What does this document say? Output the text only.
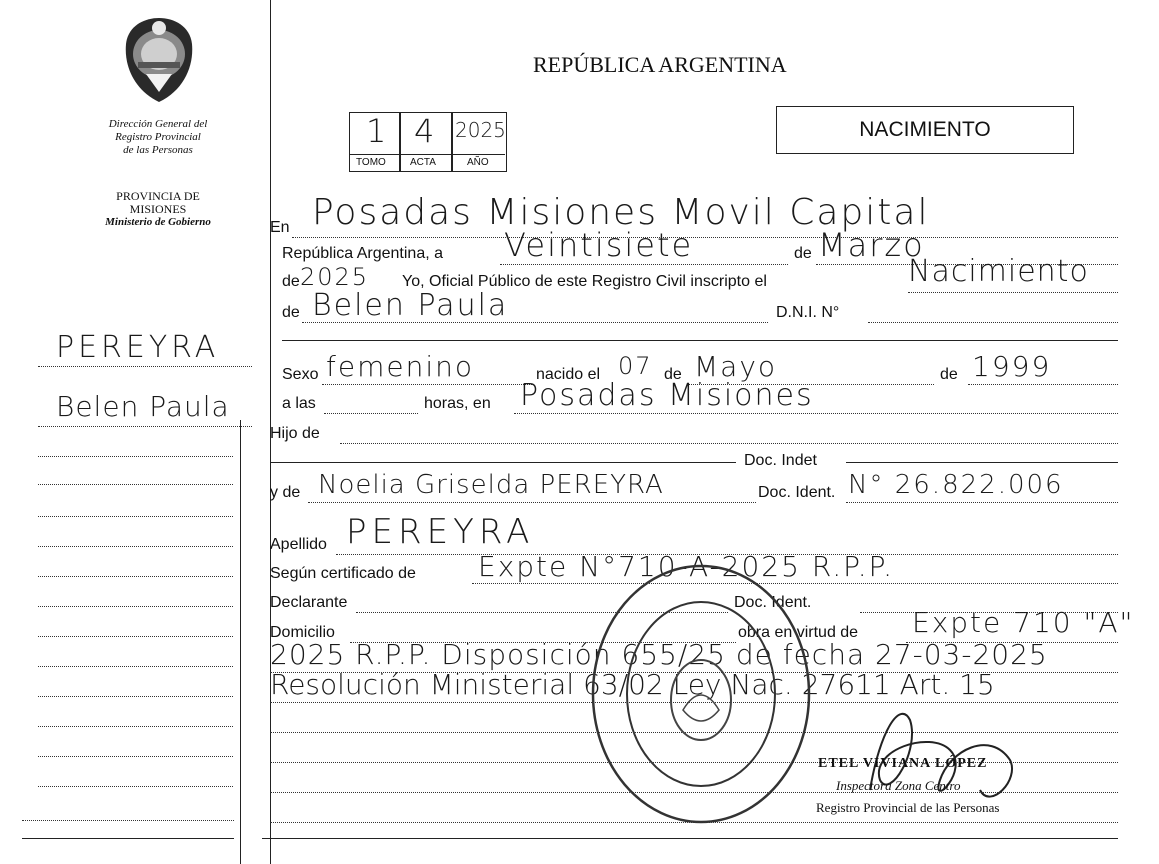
Dirección General del
Registro Provincial
de las Personas
PROVINCIA DE
MISIONES
Ministerio de Gobierno
PEREYRA
Belen Paula
REPÚBLICA ARGENTINA
NACIMIENTO
1 4 2025
TOMO ACTA	AÑO
En Posadas Misiones Movil Capital
República Argentina, a Veintisiete	de Marzo
de 2025 Yo, Oficial Público de este Registro Civil inscripto el	Nacimiento
de Belen Paula	D.N.I. N°
Sexo femenino	nacido el 07 de Mayo	de 1999
a las	horas, en Posadas Misiones
Hijo de
Doc. Indet
y de Noelia Griselda PEREYRA	Doc. Ident. N° 26.822.006
Apellido PEREYRA
Según certificado de Expte N°710-A-2025 R.P.P.
Declarante	Doc. Ident.
Domicilio	obra en virtud de Expte 710 "A"
2025 R.P.P. Disposición 655/25 de fecha 27-03-2025
Resolución Ministerial 63/02 Ley Nac. 27611 Art. 15
ETEL VIVIANA LÓPEZ
Inspectora Zona Centro
Registro Provincial de las Personas
